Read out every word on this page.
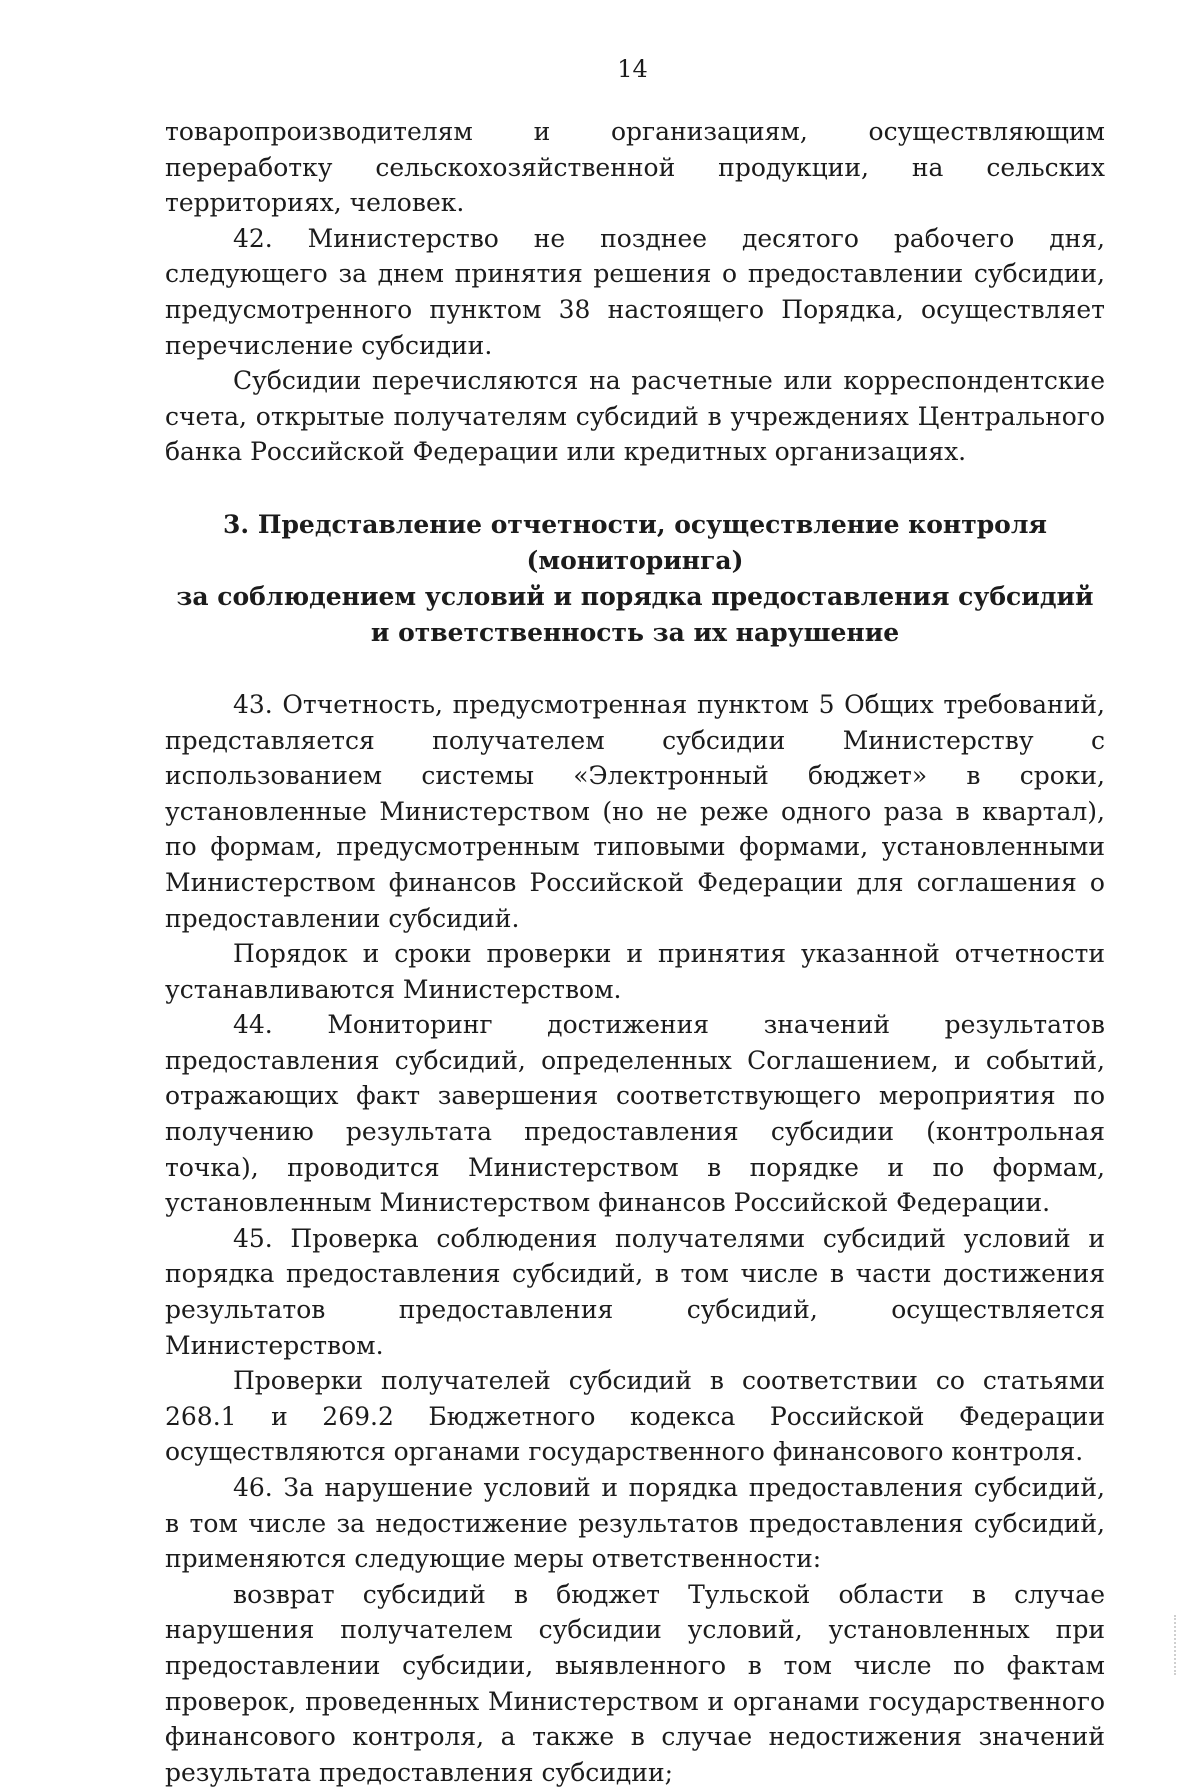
14

товаропроизводителям и организациям, осуществляющим переработку сельскохозяйственной продукции, на сельских территориях, человек.

42. Министерство не позднее десятого рабочего дня, следующего за днем принятия решения о предоставлении субсидии, предусмотренного пунктом 38 настоящего Порядка, осуществляет перечисление субсидии.

Субсидии перечисляются на расчетные или корреспондентские счета, открытые получателям субсидий в учреждениях Центрального банка Российской Федерации или кредитных организациях.

3. Представление отчетности, осуществление контроля (мониторинга)
за соблюдением условий и порядка предоставления субсидий
и ответственность за их нарушение

43. Отчетность, предусмотренная пунктом 5 Общих требований, представляется получателем субсидии Министерству с использованием системы «Электронный бюджет» в сроки, установленные Министерством (но не реже одного раза в квартал), по формам, предусмотренным типовыми формами, установленными Министерством финансов Российской Федерации для соглашения о предоставлении субсидий.

Порядок и сроки проверки и принятия указанной отчетности устанавливаются Министерством.

44. Мониторинг достижения значений результатов предоставления субсидий, определенных Соглашением, и событий, отражающих факт завершения соответствующего мероприятия по получению результата предоставления субсидии (контрольная точка), проводится Министерством в порядке и по формам, установленным Министерством финансов Российской Федерации.

45. Проверка соблюдения получателями субсидий условий и порядка предоставления субсидий, в том числе в части достижения результатов предоставления субсидий, осуществляется Министерством.

Проверки получателей субсидий в соответствии со статьями 268.1 и 269.2 Бюджетного кодекса Российской Федерации осуществляются органами государственного финансового контроля.

46. За нарушение условий и порядка предоставления субсидий, в том числе за недостижение результатов предоставления субсидий, применяются следующие меры ответственности:

возврат субсидий в бюджет Тульской области в случае нарушения получателем субсидии условий, установленных при предоставлении субсидии, выявленного в том числе по фактам проверок, проведенных Министерством и органами государственного финансового контроля, а также в случае недостижения значений результата предоставления субсидии;
